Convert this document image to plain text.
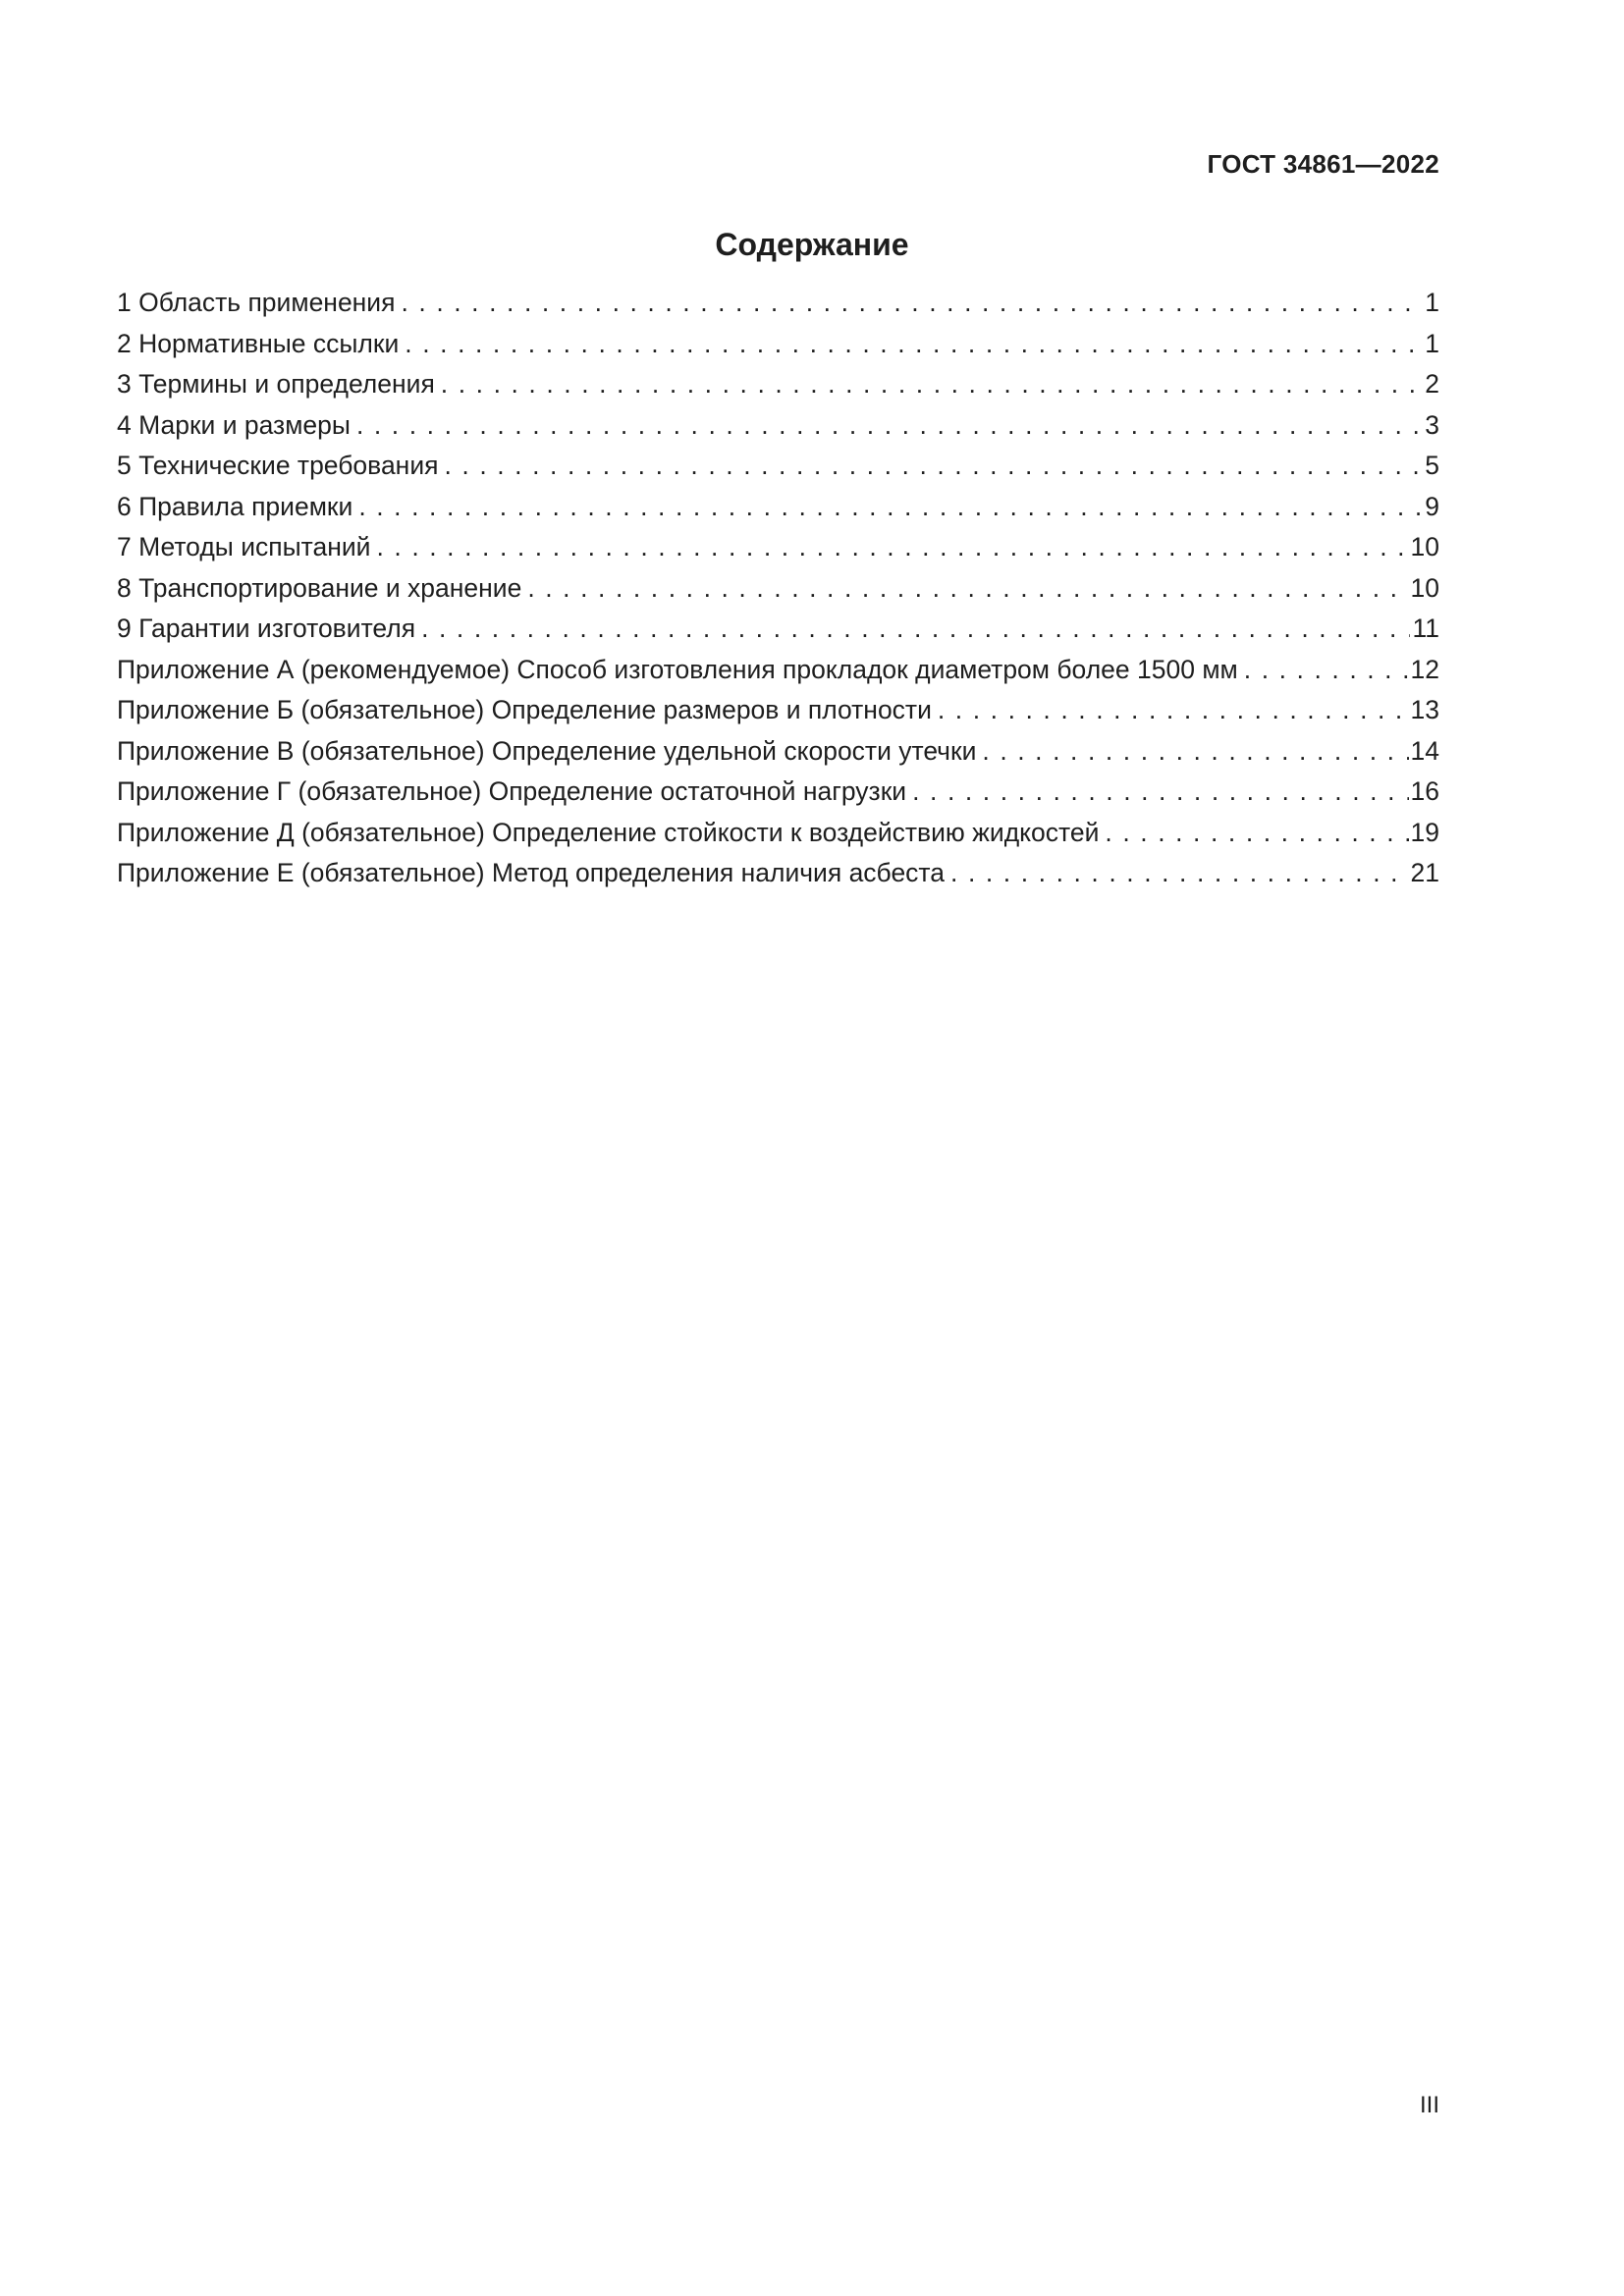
ГОСТ 34861—2022
Содержание
1 Область применения . . .	1
2 Нормативные ссылки . . .	1
3 Термины и определения . . .	2
4 Марки и размеры . . .	3
5 Технические требования . . .	5
6 Правила приемки . . .	9
7 Методы испытаний . . .	10
8 Транспортирование и хранение . . .	10
9 Гарантии изготовителя . . .	11
Приложение А (рекомендуемое) Способ изготовления прокладок диаметром более 1500 мм . . .	12
Приложение Б (обязательное) Определение размеров и плотности . . .	13
Приложение В (обязательное) Определение удельной скорости утечки . . .	14
Приложение Г (обязательное) Определение остаточной нагрузки . . .	16
Приложение Д (обязательное) Определение стойкости к воздействию жидкостей . . .	19
Приложение Е (обязательное) Метод определения наличия асбеста . . .	21
III
